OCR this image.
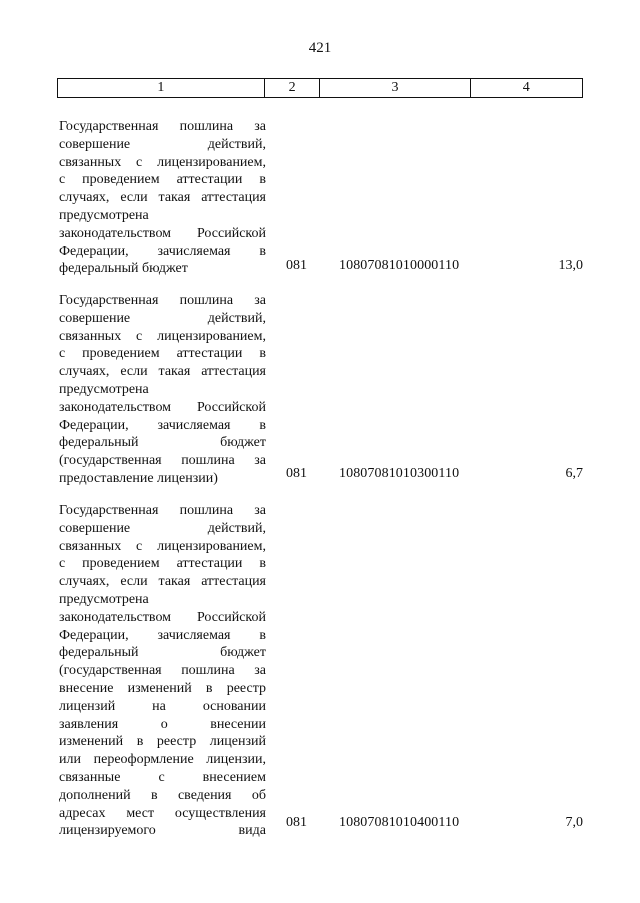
421
1	2	3	4
Государственная пошлина за
совершение действий,
связанных с лицензированием,
с проведением аттестации в
случаях, если такая аттестация
предусмотрена
законодательством Российской
Федерации, зачисляемая в
федеральный бюджет	081 10807081010000110	13,0
Государственная пошлина за
совершение действий,
связанных с лицензированием,
с проведением аттестации в
случаях, если такая аттестация
предусмотрена
законодательством Российской
Федерации, зачисляемая в
федеральный бюджет
(государственная пошлина за
предоставление лицензии)	081 10807081010300110	6,7
Государственная пошлина за
совершение действий,
связанных с лицензированием,
с проведением аттестации в
случаях, если такая аттестация
предусмотрена
законодательством Российской
Федерации, зачисляемая в
федеральный бюджет
(государственная пошлина за
внесение изменений в реестр
лицензий на основании
заявления о внесении
изменений в реестр лицензий
или переоформление лицензии,
связанные с внесением
дополнений в сведения об
адресах мест осуществления
лицензируемого вида
081 10807081010400110	7,0
